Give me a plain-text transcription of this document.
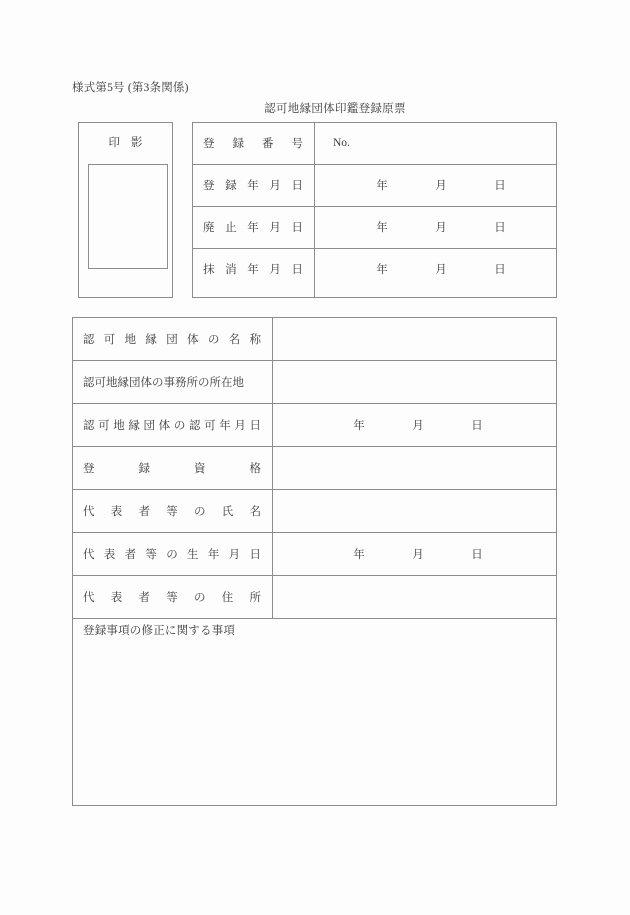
様式第5号 (第3条関係)
認可地縁団体印鑑登録原票
印影	登録番号	No.
登録年月日	年　月　日
廃止年月日	年　月　日
抹消年月日	年　月　日
認可地縁団体の名称
認可地縁団体の事務所の所在地
認可地縁団体の認可年月日	年　月　日
登録資格
代表者等の氏名
代表者等の生年月日	年　月　日
代表者等の住所
登録事項の修正に関する事項
